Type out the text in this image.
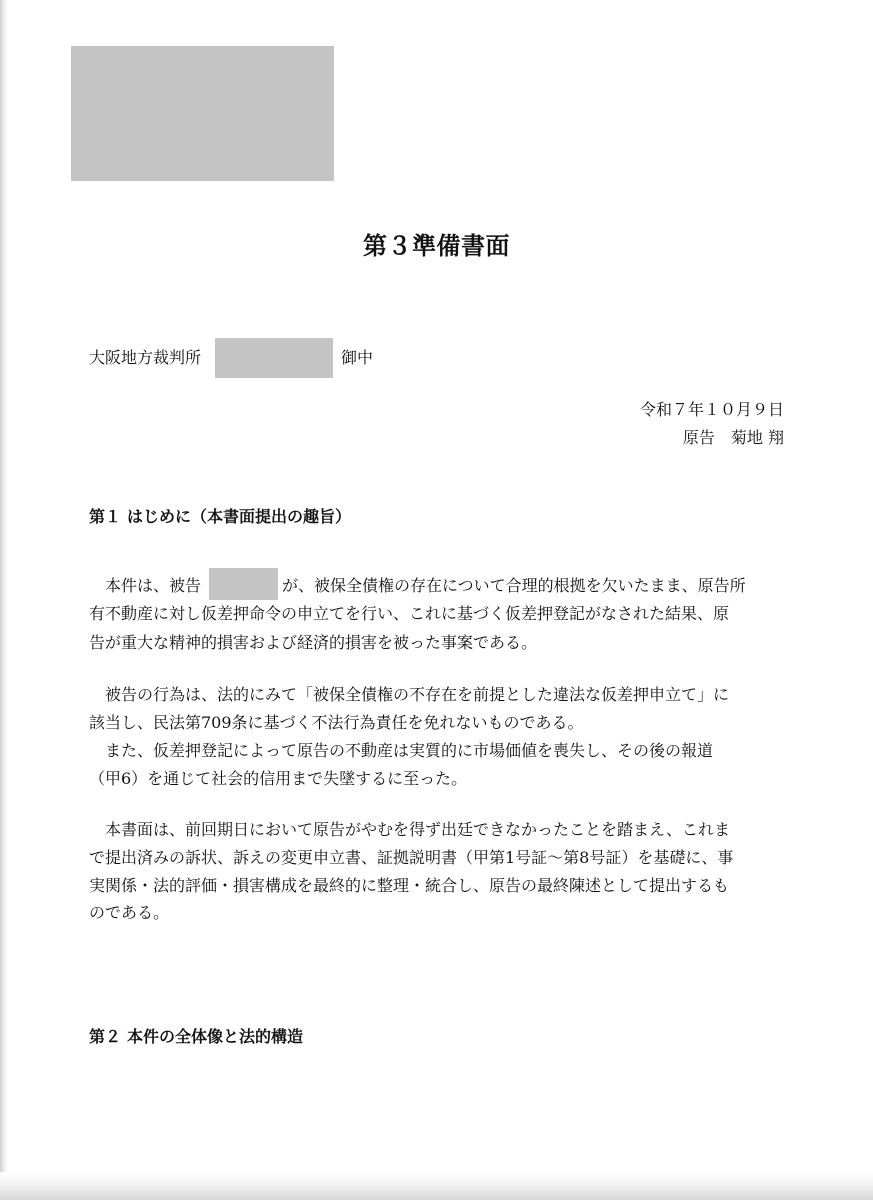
第３準備書面
大阪地方裁判所	御中
令和７年１０月９日
原告　菊地 翔
第１ はじめに（本書面提出の趣旨）
本件は、被告	が、被保全債権の存在について合理的根拠を欠いたまま、原告所
有不動産に対し仮差押命令の申立てを行い、これに基づく仮差押登記がなされた結果、原
告が重大な精神的損害および経済的損害を被った事案である。
被告の行為は、法的にみて「被保全債権の不存在を前提とした違法な仮差押申立て」に
該当し、民法第709条に基づく不法行為責任を免れないものである。
また、仮差押登記によって原告の不動産は実質的に市場価値を喪失し、その後の報道
（甲6）を通じて社会的信用まで失墜するに至った。
本書面は、前回期日において原告がやむを得ず出廷できなかったことを踏まえ、これま
で提出済みの訴状、訴えの変更申立書、証拠説明書（甲第1号証～第8号証）を基礎に、事
実関係・法的評価・損害構成を最終的に整理・統合し、原告の最終陳述として提出するも
のである。
第２ 本件の全体像と法的構造
